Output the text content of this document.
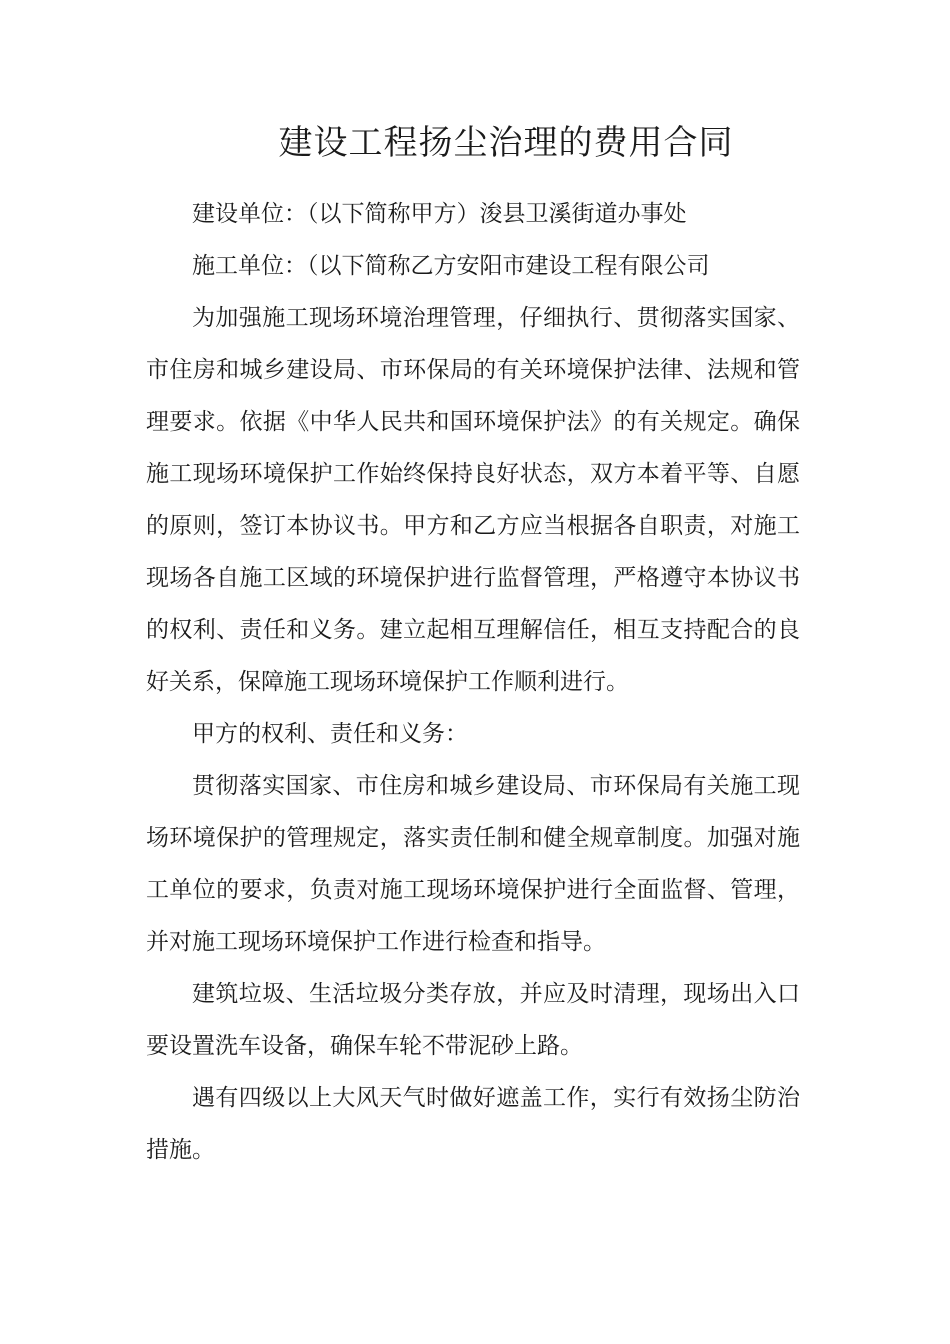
建设工程扬尘治理的费用合同

建设单位：（以下简称甲方）浚县卫溪街道办事处

施工单位：（以下简称乙方安阳市建设工程有限公司

为加强施工现场环境治理管理，仔细执行、贯彻落实国家、市住房和城乡建设局、市环保局的有关环境保护法律、法规和管理要求。依据《中华人民共和国环境保护法》的有关规定。确保施工现场环境保护工作始终保持良好状态，双方本着平等、自愿的原则，签订本协议书。甲方和乙方应当根据各自职责，对施工现场各自施工区域的环境保护进行监督管理，严格遵守本协议书的权利、责任和义务。建立起相互理解信任，相互支持配合的良好关系，保障施工现场环境保护工作顺利进行。

甲方的权利、责任和义务：

贯彻落实国家、市住房和城乡建设局、市环保局有关施工现场环境保护的管理规定，落实责任制和健全规章制度。加强对施工单位的要求，负责对施工现场环境保护进行全面监督、管理，并对施工现场环境保护工作进行检查和指导。

建筑垃圾、生活垃圾分类存放，并应及时清理，现场出入口要设置洗车设备，确保车轮不带泥砂上路。

遇有四级以上大风天气时做好遮盖工作，实行有效扬尘防治措施。
